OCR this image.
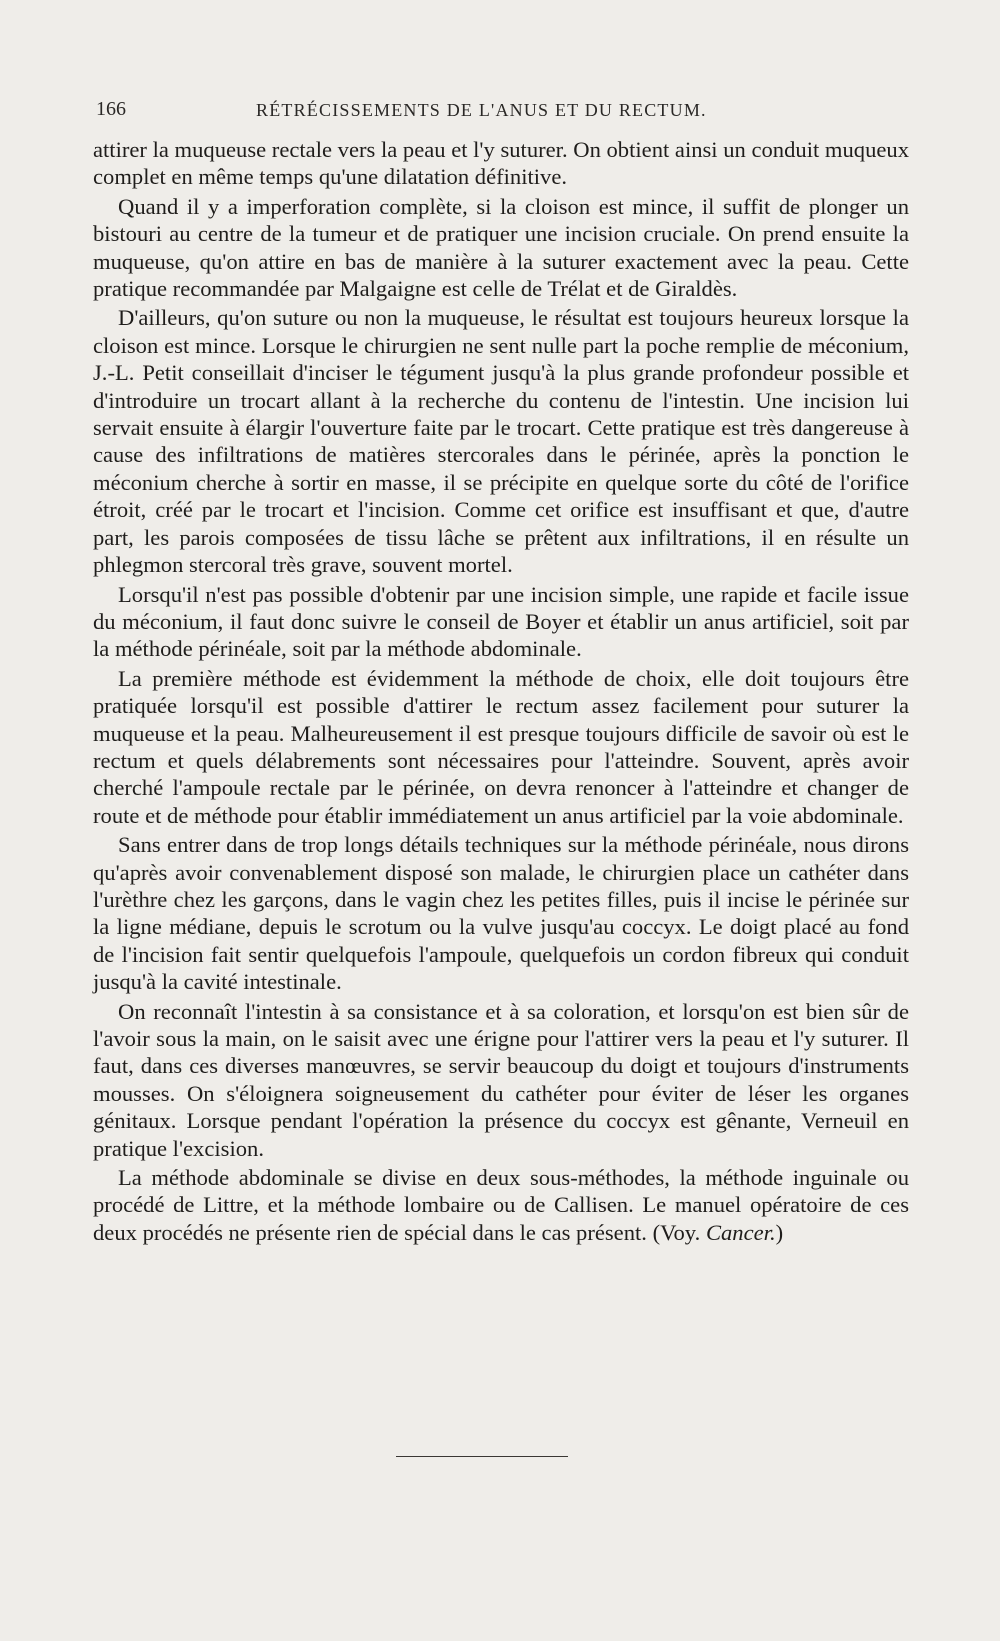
166	RÉTRÉCISSEMENTS DE L'ANUS ET DU RECTUM.

attirer la muqueuse rectale vers la peau et l'y suturer. On obtient ainsi un conduit muqueux complet en même temps qu'une dilatation définitive.

Quand il y a imperforation complète, si la cloison est mince, il suffit de plonger un bistouri au centre de la tumeur et de pratiquer une incision cruciale. On prend ensuite la muqueuse, qu'on attire en bas de manière à la suturer exactement avec la peau. Cette pratique recommandée par Malgaigne est celle de Trélat et de Giraldès.

D'ailleurs, qu'on suture ou non la muqueuse, le résultat est toujours heureux lorsque la cloison est mince. Lorsque le chirurgien ne sent nulle part la poche remplie de méconium, J.-L. Petit conseillait d'inciser le tégument jusqu'à la plus grande profondeur possible et d'introduire un trocart allant à la recherche du contenu de l'intestin. Une incision lui servait ensuite à élargir l'ouverture faite par le trocart. Cette pratique est très dangereuse à cause des infiltrations de matières stercorales dans le périnée, après la ponction le méconium cherche à sortir en masse, il se précipite en quelque sorte du côté de l'orifice étroit, créé par le trocart et l'incision. Comme cet orifice est insuffisant et que, d'autre part, les parois composées de tissu lâche se prêtent aux infiltrations, il en résulte un phlegmon stercoral très grave, souvent mortel.

Lorsqu'il n'est pas possible d'obtenir par une incision simple, une rapide et facile issue du méconium, il faut donc suivre le conseil de Boyer et établir un anus artificiel, soit par la méthode périnéale, soit par la méthode abdominale.

La première méthode est évidemment la méthode de choix, elle doit toujours être pratiquée lorsqu'il est possible d'attirer le rectum assez facilement pour suturer la muqueuse et la peau. Malheureusement il est presque toujours difficile de savoir où est le rectum et quels délabrements sont nécessaires pour l'atteindre. Souvent, après avoir cherché l'ampoule rectale par le périnée, on devra renoncer à l'atteindre et changer de route et de méthode pour établir immédiatement un anus artificiel par la voie abdominale.

Sans entrer dans de trop longs détails techniques sur la méthode périnéale, nous dirons qu'après avoir convenablement disposé son malade, le chirurgien place un cathéter dans l'urèthre chez les garçons, dans le vagin chez les petites filles, puis il incise le périnée sur la ligne médiane, depuis le scrotum ou la vulve jusqu'au coccyx. Le doigt placé au fond de l'incision fait sentir quelquefois l'ampoule, quelquefois un cordon fibreux qui conduit jusqu'à la cavité intestinale.

On reconnaît l'intestin à sa consistance et à sa coloration, et lorsqu'on est bien sûr de l'avoir sous la main, on le saisit avec une érigne pour l'attirer vers la peau et l'y suturer. Il faut, dans ces diverses manœuvres, se servir beaucoup du doigt et toujours d'instruments mousses. On s'éloignera soigneusement du cathéter pour éviter de léser les organes génitaux. Lorsque pendant l'opération la présence du coccyx est gênante, Verneuil en pratique l'excision.

La méthode abdominale se divise en deux sous-méthodes, la méthode inguinale ou procédé de Littre, et la méthode lombaire ou de Callisen. Le manuel opératoire de ces deux procédés ne présente rien de spécial dans le cas présent. (Voy. Cancer.)
